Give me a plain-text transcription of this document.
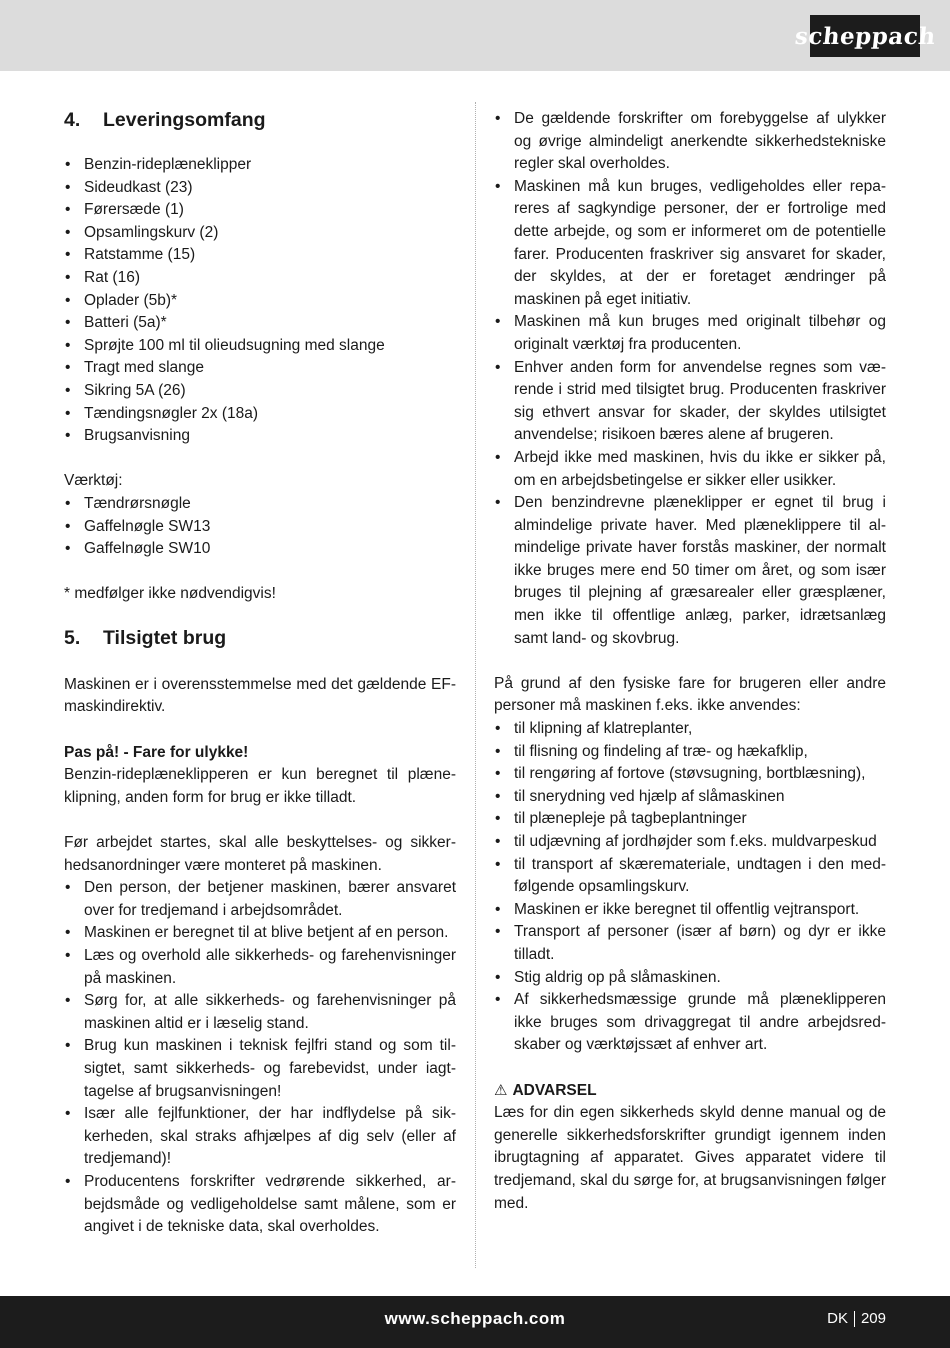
scheppach
4.	Leveringsomfang
• Benzin-rideplæneklipper
• Sideudkast (23)
• Førersæde (1)
• Opsamlingskurv (2)
• Ratstamme (15)
• Rat (16)
• Oplader (5b)*
• Batteri (5a)*
• Sprøjte 100 ml til olieudsugning med slange
• Tragt med slange
• Sikring 5A (26)
• Tændingsnøgler 2x (18a)
• Brugsanvisning

Værktøj:

• Tændrørsnøgle
• Gaffelnøgle SW13
• Gaffelnøgle SW10

* medfølger ikke nødvendigvis!

5.	Tilsigtet brug

Maskinen er i overensstemmelse med det gældende EF-maskindirektiv.

Pas på! - Fare for ulykke!

Benzin-rideplæneklipperen er kun beregnet til plæneklipning, anden form for brug er ikke tilladt.

Før arbejdet startes, skal alle beskyttelses- og sikkerhedsanordninger være monteret på maskinen.

• Den person, der betjener maskinen, bærer ansvaret over for tredjemand i arbejdsområdet.
• Maskinen er beregnet til at blive betjent af en person.
• Læs og overhold alle sikkerheds- og farehenvisninger på maskinen.
• Sørg for, at alle sikkerheds- og farehenvisninger på maskinen altid er i læselig stand.
• Brug kun maskinen i teknisk fejlfri stand og som tilsigtet, samt sikkerheds- og farebevidst, under iagttagelse af brugsanvisningen!
• Især alle fejlfunktioner, der har indflydelse på sikkerheden, skal straks afhjælpes af dig selv (eller af tredjemand)!
• Producentens forskrifter vedrørende sikkerhed, arbejdsmåde og vedligeholdelse samt målene, som er angivet i de tekniske data, skal overholdes.
• De gældende forskrifter om forebyggelse af ulykker og øvrige almindeligt anerkendte sikkerhedstekniske regler skal overholdes.
• Maskinen må kun bruges, vedligeholdes eller repareres af sagkyndige personer, der er fortrolige med dette arbejde, og som er informeret om de potentielle farer. Producenten fraskriver sig ansvaret for skader, der skyldes, at der er foretaget ændringer på maskinen på eget initiativ.
• Maskinen må kun bruges med originalt tilbehør og originalt værktøj fra producenten.
• Enhver anden form for anvendelse regnes som værende i strid med tilsigtet brug. Producenten fraskriver sig ethvert ansvar for skader, der skyldes utilsigtet anvendelse; risikoen bæres alene af brugeren.
• Arbejd ikke med maskinen, hvis du ikke er sikker på, om en arbejdsbetingelse er sikker eller usikker.
• Den benzindrevne plæneklipper er egnet til brug i almindelige private haver. Med plæneklippere til almindelige private haver forstås maskiner, der normalt ikke bruges mere end 50 timer om året, og som især bruges til plejning af græsarealer eller græsplæner, men ikke til offentlige anlæg, parker, idrætsanlæg samt land- og skovbrug.

På grund af den fysiske fare for brugeren eller andre personer må maskinen f.eks. ikke anvendes:

• til klipning af klatreplanter,
• til flisning og findeling af træ- og hækafklip,
• til rengøring af fortove (støvsugning, bortblæsning),
• til snerydning ved hjælp af slåmaskinen
• til plænepleje på tagbeplantninger
• til udjævning af jordhøjder som f.eks. muldvarpeskud
• til transport af skæremateriale, undtagen i den medfølgende opsamlingskurv.
• Maskinen er ikke beregnet til offentlig vejtransport.
• Transport af personer (især af børn) og dyr er ikke tilladt.
• Stig aldrig op på slåmaskinen.
• Af sikkerhedsmæssige grunde må plæneklipperen ikke bruges som drivaggregat til andre arbejdsredskaber og værktøjssæt af enhver art.

⚠ ADVARSEL

Læs for din egen sikkerheds skyld denne manual og de generelle sikkerhedsforskrifter grundigt igennem inden ibrugtagning af apparatet. Gives apparatet videre til tredjemand, skal du sørge for, at brugsanvisningen følger med.

www.scheppach.com	DK 209
